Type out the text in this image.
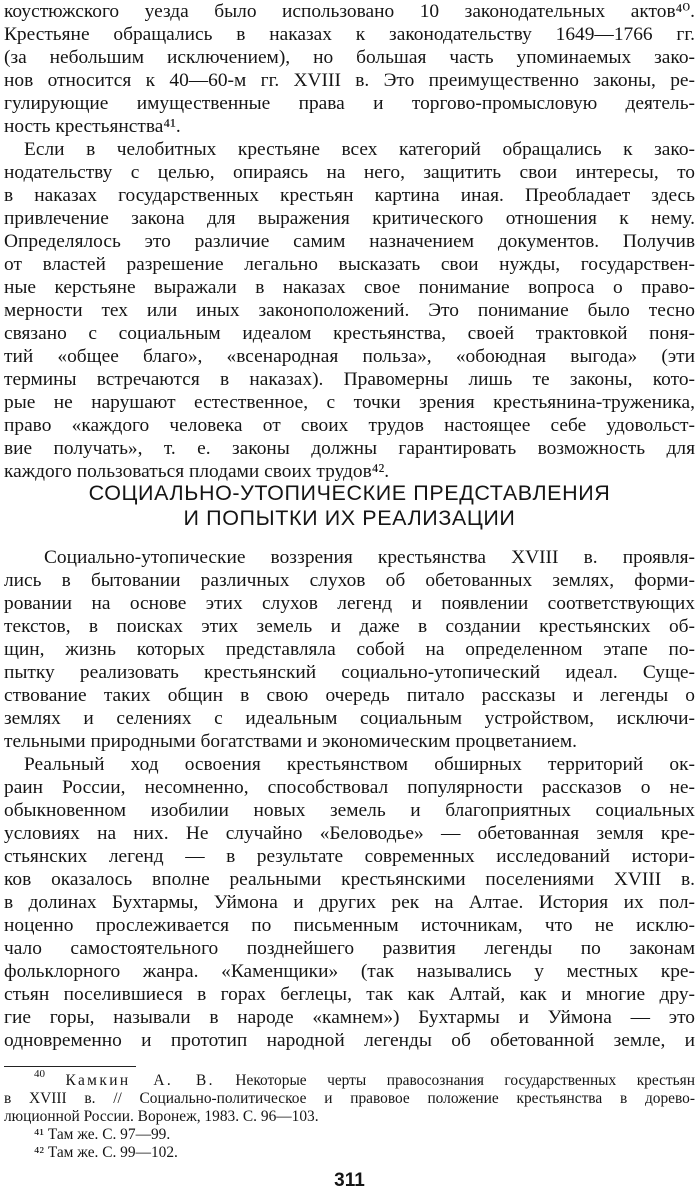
коустюжского уезда было использовано 10 законодательных актов⁴⁰.
Крестьяне обращались в наказах к законодательству 1649—1766 гг.
(за небольшим исключением), но большая часть упоминаемых зако-
нов относится к 40—60-м гг. XVIII в. Это преимущественно законы, ре-
гулирующие имущественные права и торгово-промысловую деятель-
ность крестьянства⁴¹.
Если в челобитных крестьяне всех категорий обращались к зако-
нодательству с целью, опираясь на него, защитить свои интересы, то
в наказах государственных крестьян картина иная. Преобладает здесь
привлечение закона для выражения критического отношения к нему.
Определялось это различие самим назначением документов. Получив
от властей разрешение легально высказать свои нужды, государствен-
ные керстьяне выражали в наказах свое понимание вопроса о право-
мерности тех или иных законоположений. Это понимание было тесно
связано с социальным идеалом крестьянства, своей трактовкой поня-
тий «общее благо», «всенародная польза», «обоюдная выгода» (эти
термины встречаются в наказах). Правомерны лишь те законы, кото-
рые не нарушают естественное, с точки зрения крестьянина-труженика,
право «каждого человека от своих трудов настоящее себе удовольст-
вие получать», т. е. законы должны гарантировать возможность для
каждого пользоваться плодами своих трудов⁴².
СОЦИАЛЬНО-УТОПИЧЕСКИЕ ПРЕДСТАВЛЕНИЯ
И ПОПЫТКИ ИХ РЕАЛИЗАЦИИ
Социально-утопические воззрения крестьянства XVIII в. проявля-
лись в бытовании различных слухов об обетованных землях, форми-
ровании на основе этих слухов легенд и появлении соответствующих
текстов, в поисках этих земель и даже в создании крестьянских об-
щин, жизнь которых представляла собой на определенном этапе по-
пытку реализовать крестьянский социально-утопический идеал. Суще-
ствование таких общин в свою очередь питало рассказы и легенды о
землях и селениях с идеальным социальным устройством, исключи-
тельными природными богатствами и экономическим процветанием.
Реальный ход освоения крестьянством обширных территорий ок-
раин России, несомненно, способствовал популярности рассказов о не-
обыкновенном изобилии новых земель и благоприятных социальных
условиях на них. Не случайно «Беловодье» — обетованная земля кре-
стьянских легенд — в результате современных исследований истори-
ков оказалось вполне реальными крестьянскими поселениями XVIII в.
в долинах Бухтармы, Уймона и других рек на Алтае. История их пол-
ноценно прослеживается по письменным источникам, что не исклю-
чало самостоятельного позднейшего развития легенды по законам
фольклорного жанра. «Каменщики» (так назывались у местных кре-
стьян поселившиеся в горах беглецы, так как Алтай, как и многие дру-
гие горы, называли в народе «камнем») Бухтармы и Уймона — это
одновременно и прототип народной легенды об обетованной земле, и
$^{40}$ Камкин А. В. Некоторые черты правосознания государственных крестьян
в XVIII в. // Социально-политическое и правовое положение крестьянства в дорево-
люционной России. Воронеж, 1983. С. 96—103.
⁴¹ Там же. С. 97—99.
⁴² Там же. С. 99—102.
311
